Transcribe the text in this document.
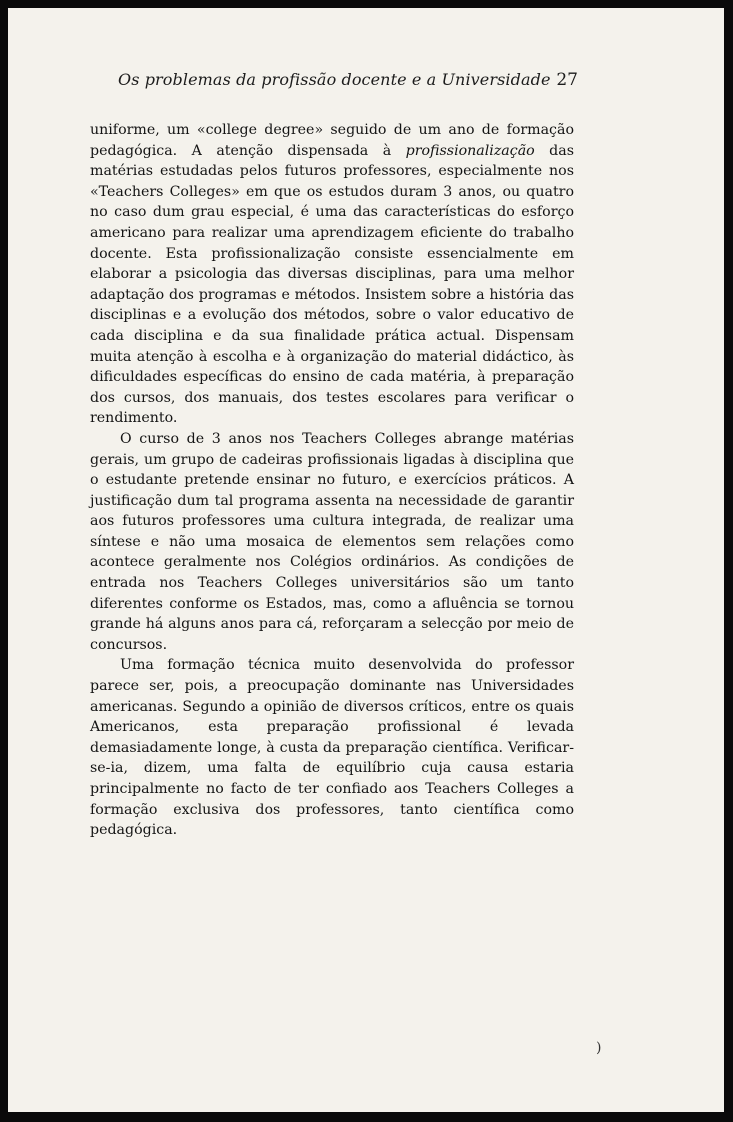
Os problemas da profissão docente e a Universidade 27

uniforme, um «college degree» seguido de um ano de formação pedagógica. A atenção dispensada à profissionalização das matérias estudadas pelos futuros professores, especialmente nos «Teachers Colleges» em que os estudos duram 3 anos, ou quatro no caso dum grau especial, é uma das características do esforço americano para realizar uma aprendizagem eficiente do trabalho docente. Esta profissionalização consiste essencialmente em elaborar a psicologia das diversas disciplinas, para uma melhor adaptação dos programas e métodos. Insistem sobre a história das disciplinas e a evolução dos métodos, sobre o valor educativo de cada disciplina e da sua finalidade prática actual. Dispensam muita atenção à escolha e à organização do material didáctico, às dificuldades específicas do ensino de cada matéria, à preparação dos cursos, dos manuais, dos testes escolares para verificar o rendimento.

O curso de 3 anos nos Teachers Colleges abrange matérias gerais, um grupo de cadeiras profissionais ligadas à disciplina que o estudante pretende ensinar no futuro, e exercícios práticos. A justificação dum tal programa assenta na necessidade de garantir aos futuros professores uma cultura integrada, de realizar uma síntese e não uma mosaica de elementos sem relações como acontece geralmente nos Colégios ordinários. As condições de entrada nos Teachers Colleges universitários são um tanto diferentes conforme os Estados, mas, como a afluência se tornou grande há alguns anos para cá, reforçaram a selecção por meio de concursos.

Uma formação técnica muito desenvolvida do professor parece ser, pois, a preocupação dominante nas Universidades americanas. Segundo a opinião de diversos críticos, entre os quais Americanos, esta preparação profissional é levada demasiadamente longe, à custa da preparação científica. Verificar-se-ia, dizem, uma falta de equilíbrio cuja causa estaria principalmente no facto de ter confiado aos Teachers Colleges a formação exclusiva dos professores, tanto científica como pedagógica.

)
